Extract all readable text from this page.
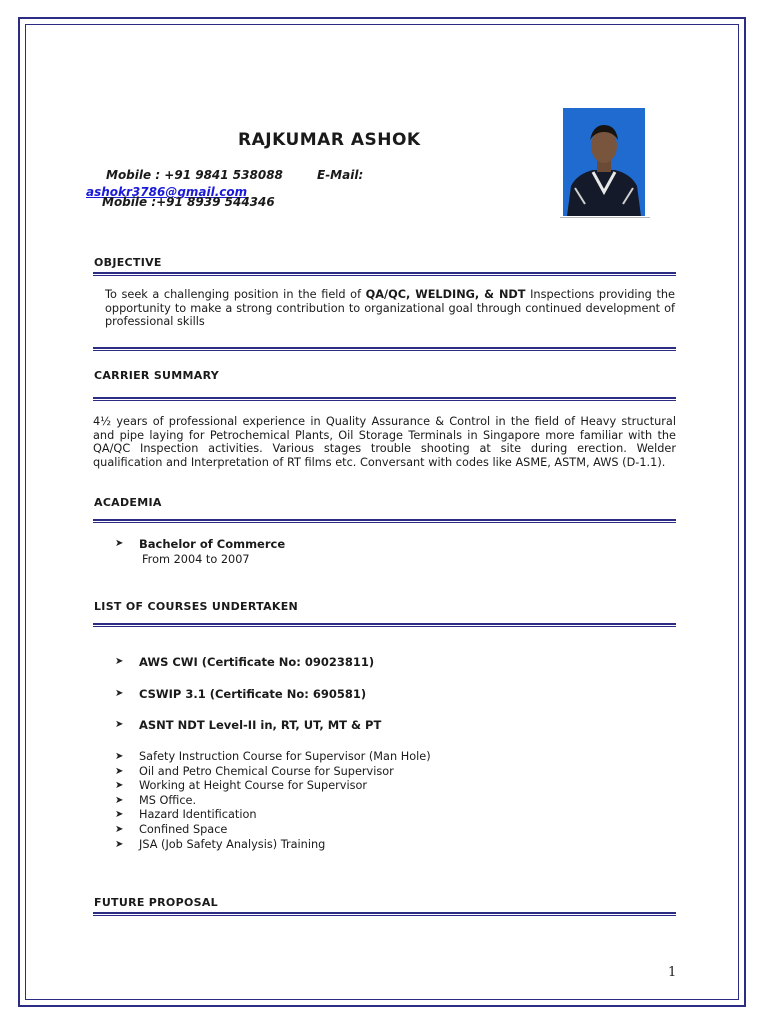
RAJKUMAR ASHOK
Mobile : +91 9841 538088	E-Mail:
ashokr3786@gmail.com
Mobile :+91 8939 544346
OBJECTIVE
To seek a challenging position in the field of QA/QC, WELDING, & NDT Inspections providing the opportunity to make a strong contribution to organizational goal through continued development of professional skills
CARRIER SUMMARY
4½ years of professional experience in Quality Assurance & Control in the field of Heavy structural and pipe laying for Petrochemical Plants, Oil Storage Terminals in Singapore more familiar with the QA/QC Inspection activities. Various stages trouble shooting at site during erection. Welder qualification and Interpretation of RT films etc. Conversant with codes like ASME, ASTM, AWS (D-1.1).
ACADEMIA
➤	Bachelor of Commerce
From 2004 to 2007
LIST OF COURSES UNDERTAKEN
➤	AWS CWI (Certificate No: 09023811)
➤	CSWIP 3.1 (Certificate No: 690581)
➤	ASNT NDT Level-II in, RT, UT, MT & PT
➤	Safety Instruction Course for Supervisor (Man Hole)
➤	Oil and Petro Chemical Course for Supervisor
➤	Working at Height Course for Supervisor
➤	MS Office.
➤	Hazard Identification
➤	Confined Space
➤	JSA (Job Safety Analysis) Training
FUTURE PROPOSAL
1
